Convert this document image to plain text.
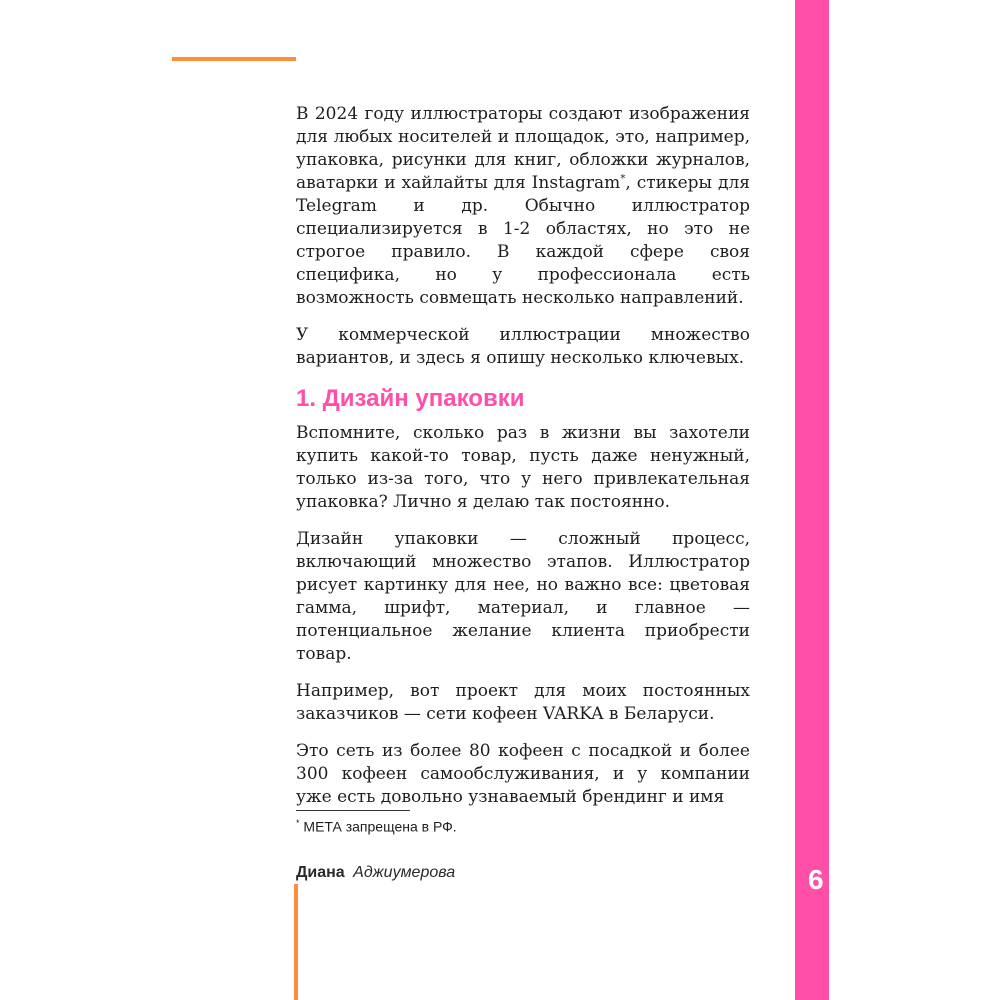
6

В 2024 году иллюстраторы создают изображения для любых носителей и площадок, это, например, упаковка, рисунки для книг, обложки журналов, аватарки и хайлайты для Instagram*, стикеры для Telegram и др. Обычно иллюстратор специализируется в 1-2 областях, но это не строгое правило. В каждой сфере своя специфика, но у профессионала есть возможность совмещать несколько направлений.

У коммерческой иллюстрации множество вариантов, и здесь я опишу несколько ключевых.

1. Дизайн упаковки

Вспомните, сколько раз в жизни вы захотели купить какой-то товар, пусть даже ненужный, только из-за того, что у него привлекательная упаковка? Лично я делаю так постоянно.

Дизайн упаковки — сложный процесс, включающий множество этапов. Иллюстратор рисует картинку для нее, но важно все: цветовая гамма, шрифт, материал, и главное — потенциальное желание клиента приобрести товар.

Например, вот проект для моих постоянных заказчиков — сети кофеен VARKA в Беларуси.

Это сеть из более 80 кофеен с посадкой и более 300 кофеен самообслуживания, и у компании уже есть довольно узнаваемый брендинг и имя

* МЕТА запрещена в РФ.
Диана Аджиумерова
